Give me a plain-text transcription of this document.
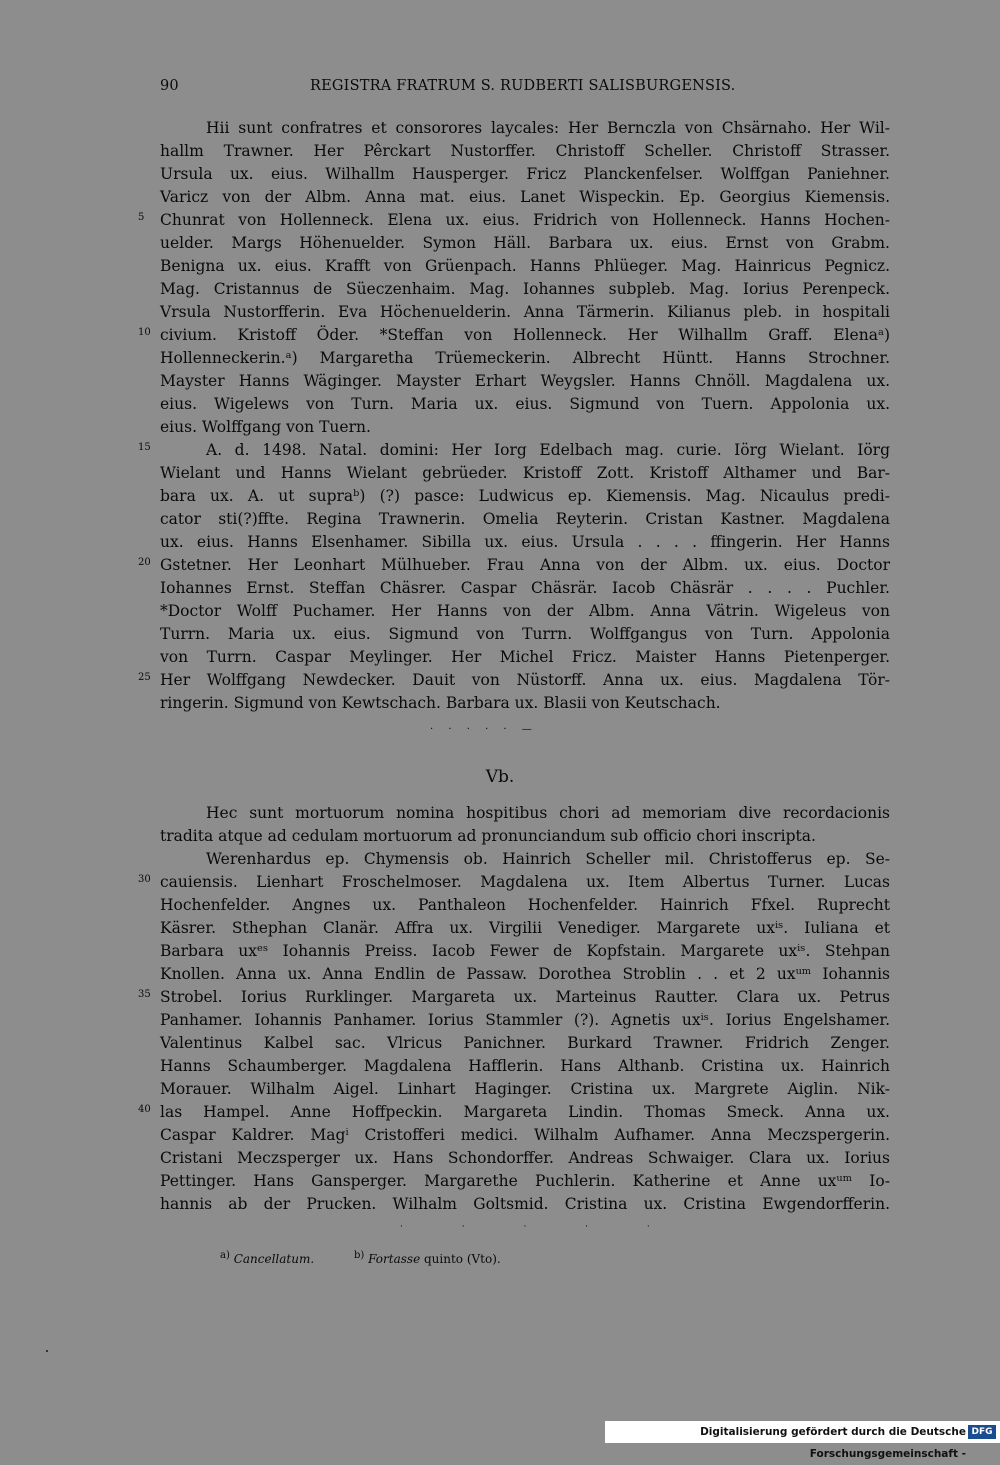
90	REGISTRA FRATRUM S. RUDBERTI SALISBURGENSIS.
Hii sunt confratres et consorores laycales: Her Bernczla von Chsärnaho. Her Wil-
hallm Trawner. Her Pêrckart Nustorffer. Christoff Scheller. Christoff Strasser.
Ursula ux. eius. Wilhallm Hausperger. Fricz Planckenfelser. Wolffgan Paniehner.
Varicz von der Albm. Anna mat. eius. Lanet Wispeckin. Ep. Georgius Kiemensis.
5	Chunrat von Hollenneck. Elena ux. eius. Fridrich von Hollenneck. Hanns Hochen-
uelder. Margs Höhenuelder. Symon Häll. Barbara ux. eius. Ernst von Grabm.
Benigna ux. eius. Krafft von Grüenpach. Hanns Phlüeger. Mag. Hainricus Pegnicz.
Mag. Cristannus de Süeczenhaim. Mag. Iohannes subpleb. Mag. Iorius Perenpeck.
Vrsula Nustorfferin. Eva Höchenuelderin. Anna Tärmerin. Kilianus pleb. in hospitali
10 civium. Kristoff Öder. *Steffan von Hollenneck. Her Wilhallm Graff. Elenaᵃ)
Hollenneckerin.ᵃ) Margaretha Trüemeckerin. Albrecht Hüntt. Hanns Strochner.
Mayster Hanns Wäginger. Mayster Erhart Weygsler. Hanns Chnöll. Magdalena ux.
eius. Wigelews von Turn. Maria ux. eius. Sigmund von Tuern. Appolonia ux.
eius. Wolffgang von Tuern.
15	A. d. 1498. Natal. domini: Her Iorg Edelbach mag. curie. Iörg Wielant. Iörg
Wielant und Hanns Wielant gebrüeder. Kristoff Zott. Kristoff Althamer und Bar-
bara ux. A. ut supraᵇ) (?) pasce: Ludwicus ep. Kiemensis. Mag. Nicaulus predi-
cator sti(?)ffte. Regina Trawnerin. Omelia Reyterin. Cristan Kastner. Magdalena
ux. eius. Hanns Elsenhamer. Sibilla ux. eius. Ursula . . . . ffingerin. Her Hanns
20 Gstetner. Her Leonhart Mülhueber. Frau Anna von der Albm. ux. eius. Doctor
Iohannes Ernst. Steffan Chäsrer. Caspar Chäsrär. Iacob Chäsrär . . . . Puchler.
*Doctor Wolff Puchamer. Her Hanns von der Albm. Anna Vätrin. Wigeleus von
Turrn. Maria ux. eius. Sigmund von Turrn. Wolffgangus von Turn. Appolonia
von Turrn. Caspar Meylinger. Her Michel Fricz. Maister Hanns Pietenperger.
25 Her Wolffgang Newdecker. Dauit von Nüstorff. Anna ux. eius. Magdalena Tör-
ringerin. Sigmund von Kewtschach. Barbara ux. Blasii von Keutschach.
· · · · · —
Vb.
Hec sunt mortuorum nomina hospitibus chori ad memoriam dive recordacionis
tradita atque ad cedulam mortuorum ad pronunciandum sub officio chori inscripta.
Werenhardus ep. Chymensis ob. Hainrich Scheller mil. Christofferus ep. Se-
30 cauiensis. Lienhart Froschelmoser. Magdalena ux. Item Albertus Turner. Lucas
Hochenfelder. Angnes ux. Panthaleon Hochenfelder. Hainrich Ffxel. Ruprecht
Käsrer. Sthephan Clanär. Affra ux. Virgilii Venediger. Margarete uxⁱˢ. Iuliana et
Barbara uxᵉˢ Iohannis Preiss. Iacob Fewer de Kopfstain. Margarete uxⁱˢ. Stehpan
Knollen. Anna ux. Anna Endlin de Passaw. Dorothea Stroblin . . et 2 uxᵘᵐ Iohannis
35 Strobel. Iorius Rurklinger. Margareta ux. Marteinus Rautter. Clara ux. Petrus
Panhamer. Iohannis Panhamer. Iorius Stammler (?). Agnetis uxⁱˢ. Iorius Engelshamer.
Valentinus Kalbel sac. Vlricus Panichner. Burkard Trawner. Fridrich Zenger.
Hanns Schaumberger. Magdalena Hafflerin. Hans Althanb. Cristina ux. Hainrich
Morauer. Wilhalm Aigel. Linhart Haginger. Cristina ux. Margrete Aiglin. Nik-
40 las Hampel. Anne Hoffpeckin. Margareta Lindin. Thomas Smeck. Anna ux.
Caspar Kaldrer. Magⁱ Cristofferi medici. Wilhalm Aufhamer. Anna Meczspergerin.
Cristani Meczsperger ux. Hans Schondorffer. Andreas Schwaiger. Clara ux. Iorius
Pettinger. Hans Gansperger. Margarethe Puchlerin. Katherine et Anne uxᵘᵐ Io-
hannis ab der Prucken. Wilhalm Goltsmid. Cristina ux. Cristina Ewgendorfferin.
· · · · ·
$^{a)}$ Cancellatum.	$^{b)}$ Fortasse quinto (Vto).
Digitalisierung gefördert durch die Deutsche Forschungsgemeinschaft -
DFG
